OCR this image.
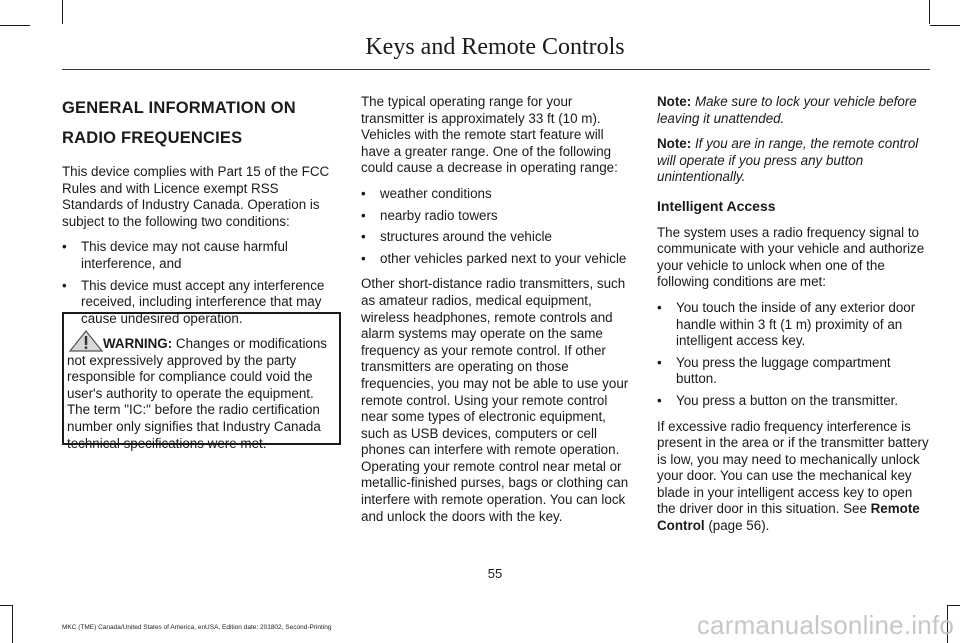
Keys and Remote Controls
GENERAL INFORMATION ON
RADIO FREQUENCIES

This device complies with Part 15 of the FCC Rules and with Licence exempt RSS Standards of Industry Canada. Operation is subject to the following two conditions:

• This device may not cause harmful interference, and
• This device must accept any interference received, including interference that may cause undesired operation.
WARNING: Changes or modifications not expressively approved by the party responsible for compliance could void the user's authority to operate the equipment. The term "IC:" before the radio certification number only signifies that Industry Canada technical specifications were met.

The typical operating range for your transmitter is approximately 33 ft (10 m). Vehicles with the remote start feature will have a greater range. One of the following could cause a decrease in operating range:

• weather conditions
• nearby radio towers
• structures around the vehicle
• other vehicles parked next to your vehicle

Other short-distance radio transmitters, such as amateur radios, medical equipment, wireless headphones, remote controls and alarm systems may operate on the same frequency as your remote control. If other transmitters are operating on those frequencies, you may not be able to use your remote control. Using your remote control near some types of electronic equipment, such as USB devices, computers or cell phones can interfere with remote operation. Operating your remote control near metal or metallic-finished purses, bags or clothing can interfere with remote operation. You can lock and unlock the doors with the key.

Note: Make sure to lock your vehicle before leaving it unattended.

Note: If you are in range, the remote control will operate if you press any button unintentionally.

Intelligent Access

The system uses a radio frequency signal to communicate with your vehicle and authorize your vehicle to unlock when one of the following conditions are met:

• You touch the inside of any exterior door handle within 3 ft (1 m) proximity of an intelligent access key.
• You press the luggage compartment button.
• You press a button on the transmitter.

If excessive radio frequency interference is present in the area or if the transmitter battery is low, you may need to mechanically unlock your door. You can use the mechanical key blade in your intelligent access key to open the driver door in this situation. See Remote Control (page 56).

55
MKC (TME) Canada/United States of America, enUSA, Edition date: 201802, Second-Printing	carmanualsonline.info
